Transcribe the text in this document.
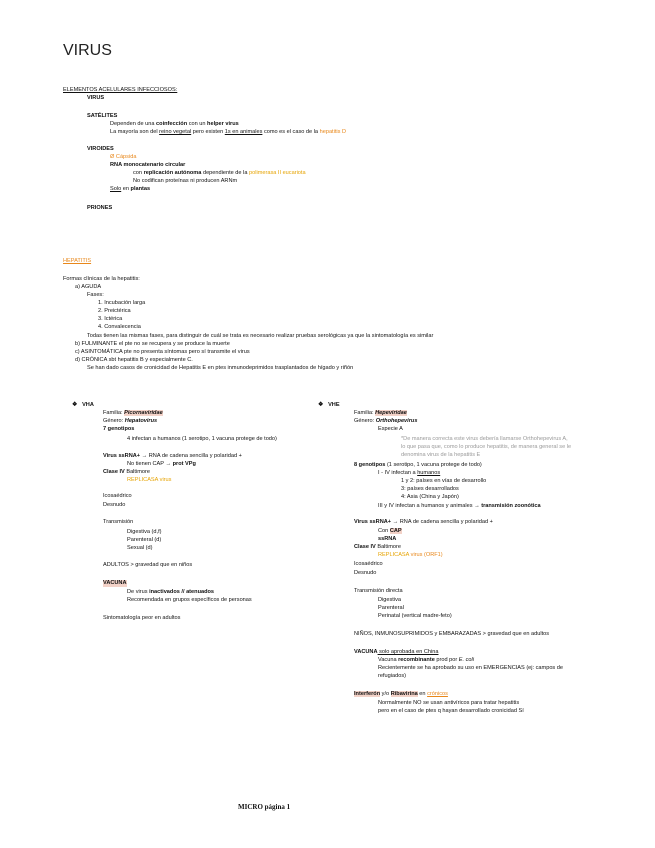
VIRUS
ELEMENTOS ACELULARES INFECCIOSOS:
VIRUS
SATÉLITES
Dependen de una coinfección con un helper virus
La mayoría son del reino vegetal pero existen 1s en animales como es el caso de la hepatitis D
VIROIDES
Ø Cápsida
RNA monocatenario circular
con replicación autónoma dependiente de la polimerasa II eucariota
No codifican proteínas ni producen ARNm
Solo en plantas
PRIONES
HEPATITIS
Formas clínicas de la hepatitis:
a) AGUDA
Fases:
1. Incubación larga
2. Preictérica
3. Ictérica
4. Convalecencia
Todas tienen las mismas fases, para distinguir de cuál se trata es necesario realizar pruebas serológicas ya que la sintomatología es similar
b) FULMINANTE el pte no se recupera y se produce la muerte
c) ASINTOMÁTICA pte no presenta síntomas pero sí transmite el virus
d) CRÓNICA sbt hepatitis B y especialmente C.
Se han dado casos de cronicidad de Hepatitis E en ptes inmunodeprimidos trasplantados de hígado y riñón
❖ VHA
Familia: Picornaviridae
Género: Hepatovirus
7 genotipos
4 infectan a humanos (1 serotipo, 1 vacuna protege de todo)
Virus ssRNA+ → RNA de cadena sencilla y polaridad +
No tienen CAP → prot VPg
Clase IV Baltimore
REPLICASA virus
Icosaédrico
Desnudo
Transmisión
Digestiva (d,f)
Parenteral (d)
Sexual (d)
ADULTOS > gravedad que en niños
VACUNA
De virus inactivados // atenuados
Recomendada en grupos específicos de personas
Sintomatología peor en adultos
❖ VHE
Familia: Hepeviridae
Género: Orthohepevirus
Especie A
*De manera correcta este virus debería llamarse Orthohepevirus A,
lo que pasa que, como lo produce hepatitis, de manera general se le
denomina virus de la hepatitis E
8 genotipos (1 serotipo, 1 vacuna protege de todo)
I - IV infectan a humanos
1 y 2: países en vías de desarrollo
3: países desarrollados
4: Asia (China y Japón)
III y IV infectan a humanos y animales → transmisión zoonótica
Virus ssRNA+ → RNA de cadena sencilla y polaridad +
Con CAP
ssRNA
Clase IV Baltimore
REPLICASA virus (ORF1)
Icosaédrico
Desnudo
Transmisión directa
Digestiva
Parenteral
Perinatal (vertical madre-feto)
NIÑOS, INMUNOSUPRIMIDOS y EMBARAZADAS > gravedad que en adultos
VACUNA solo aprobada en China
Vacuna recombinante prod por E. coli
Recientemente se ha aprobado su uso en EMERGENCIAS (ej: campos de
refugiados)
Interferón y/o Ribavirina en crónicos
Normalmente NO se usan antivíricos para tratar hepatitis
pero en el caso de ptes q hayan desarrollado cronicidad Sí
MICRO página 1
